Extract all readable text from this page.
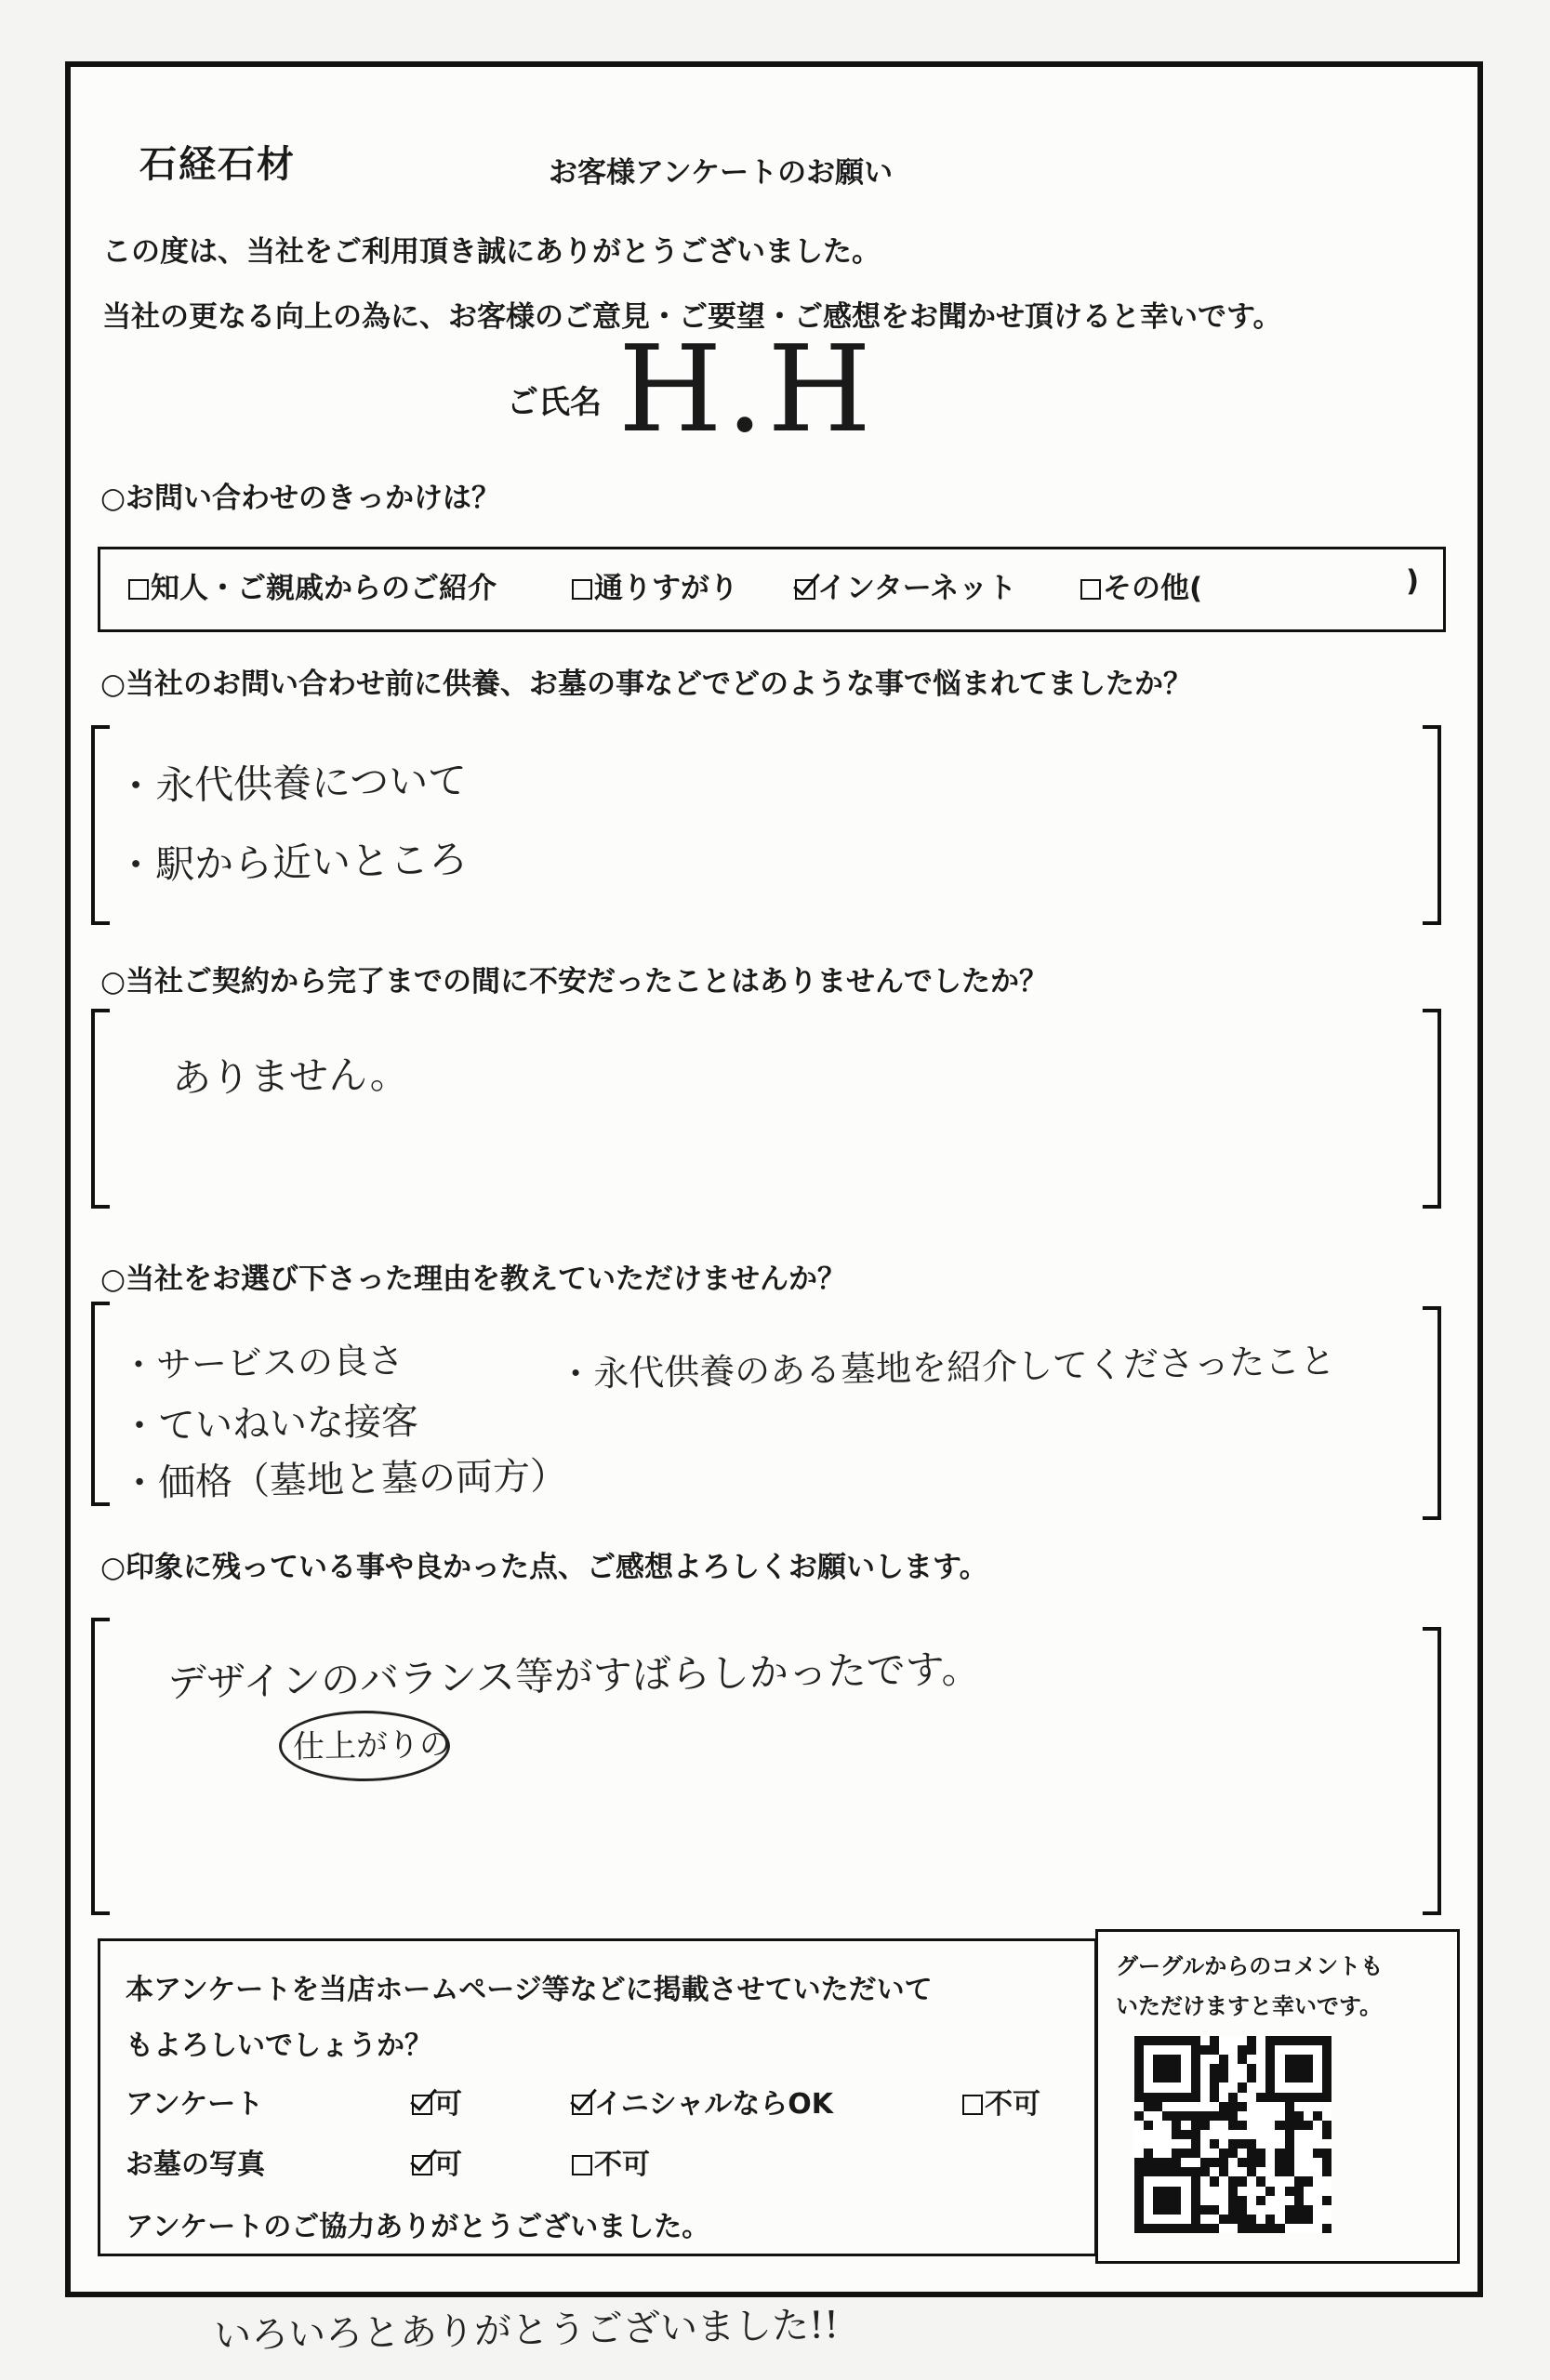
石経石材	お客様アンケートのお願い
この度は、当社をご利用頂き誠にありがとうございました。
当社の更なる向上の為に、お客様のご意見・ご要望・ご感想をお聞かせ頂けると幸いです。
ご氏名 H.H
○お問い合わせのきっかけは？
知人・ご親戚からのご紹介	通りすがり	インターネット	その他(	)
○当社のお問い合わせ前に供養、お墓の事などでどのような事で悩まれてましたか？
・永代供養について
・駅から近いところ
○当社ご契約から完了までの間に不安だったことはありませんでしたか？
ありません。
○当社をお選び下さった理由を教えていただけませんか？
・サービスの良さ	・永代供養のある墓地を紹介してくださったこと
・ていねいな接客
・価格（墓地と墓の両方）
○印象に残っている事や良かった点、ご感想よろしくお願いします。
デザインのバランス等がすばらしかったです。
仕上がりの
本アンケートを当店ホームページ等などに掲載させていただいて
もよろしいでしょうか？
アンケート	可	イニシャルならOK	不可
お墓の写真	可	不可
アンケートのご協力ありがとうございました。
グーグルからのコメントも
いただけますと幸いです。
いろいろとありがとうございました!!
